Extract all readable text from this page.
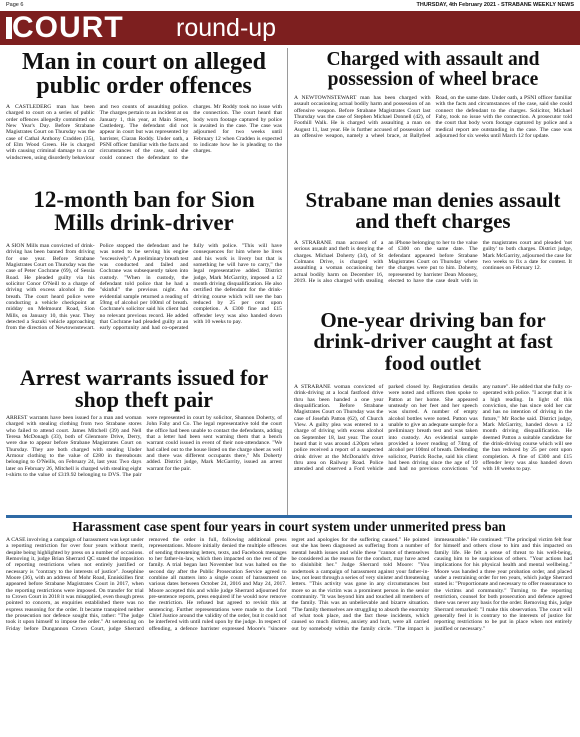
Page 6	THURSDAY, 4th February 2021 - STRABANE WEEKLY NEWS
COURT round-up
Man in court on alleged public order offences

A CASTLEDERG man has been charged to court on a series of public order offences allegedly committed on New Year's Day. Before Strabane Magistrates Court on Thursday was the case of Cathal Anthony Cradden (35), of Elm Wood Green. He is charged with causing criminal damage to a car windscreen, using disorderly behaviour and two counts of assaulting police. The charges pertain to an incident at on January 1, this year, at Main Street, Castlederg. The defendant did not appear in court but was represented by barrister, Ciaran Roddy. Under oath, a PSNI officer familiar with the facts and circumstances of the case, said she could connect the defendant to the charges. Mr Roddy took no issue with the connection. The court heard that body worn footage captured by police is awaited in the case. The case was adjourned for two weeks until February 12 when Cradden is expected to indicate how he is pleading to the charges.

12-month ban for Sion Mills drink-driver

A SION Mills man convicted of drink-driving has been banned from driving for one year. Before Strabane Magistrates Court on Thursday was the case of Peter Cochrane (69), of Sessia Road. He pleaded guilty via his solicitor Conor O'Neill to a charge of driving with excess alcohol in the breath. The court heard police were conducting a vehicle checkpoint at midday on Melmount Road, Sion Mills, on January 10, this year. They detected a Suzuki vehicle approaching from the direction of Newtownstewart. Police stopped the defendant and he was noted to be serving his engine "excessively". A preliminary breath test was conducted and failed and Cochrane was subsequently taken into custody. "When in custody, the defendant told police that he had a "skinful" the previous night. An evidential sample returned a reading of 59mg of alcohol per 100ml of breath. Cochrane's solicitor said his client had no relevant previous record. He added that Cochrane had pleaded guilty at an early opportunity and had co-operated fully with police. "This will have consequences for him where he lives and his work is livery but that is something he will have to carry," the legal representative added. District judge, Mark McGarrity, imposed a 12 month driving disqualification. He also certified the defendant for the drink-driving course which will see the ban reduced by 25 per cent upon completion. A £300 fine and £15 offender levy was also handed down with 10 weeks to pay.

Arrest warrants issued for shop theft pair

ARREST warrants have been issued for a man and woman charged with stealing clothing from two Strabane stores who failed to attend court. James Mitchell (39) and Nell Teresa McDonagh (33), both of Glenmore Drive, Derry, were due to appear before Strabane Magistrates Court on Thursday. They are both charged with stealing Under Armour clothing to the value of £280 in thereabouts belonging to O'Neills, on February 24, last year. Two days later on February 26, Mitchell is charged with stealing eight t-shirts to the value of £319.92 belonging to DVS. The pair were represented in court by solicitor, Shannon Doherty, of John Fahy and Co. The legal representative told the court the office had been unable to contact the defendants, adding that a letter had been sent warning them that a bench warrant could issued in event of their non-attendance. "We had called out to the house listed on the charge sheet as well and there was different occupants there," Ms Doherty added. District judge, Mark McGarrity, issued an arrest warrant for the pair.

Charged with assault and possession of wheel brace

A NEWTOWNSTEWART man has been charged with assault occasioning actual bodily harm and possession of an offensive weapon. Before Strabane Magistrates Court last Thursday was the case of Stephen Michael Donnell (42), of Foothill Walk. He is charged with assaulting a man on August 11, last year. He is further accused of possession of an offensive weapon, namely a wheel brace, at Ballyfeel Road, on the same date. Under oath, a PSNI officer familiar with the facts and circumstances of the case, said she could connect the defendant to the charges. Solicitor, Michael Fahy, took no issue with the connection. A prosecutor told the court that body worn footage captured by police and a medical report are outstanding in the case. The case was adjourned for six weeks until March 12 for update.

Strabane man denies assault and theft charges

A STRABANE man accused of a serious assault and theft is denying the charges. Michael Doherty (34), of St Colmans Drive, is charged with assaulting a woman occasioning her actual bodily harm on December 16, 2019. He is also charged with stealing an iPhone belonging to her to the value of £300 on the same date. The defendant appeared before Strabane Magistrates Court on Thursday where the charges were put to him. Doherty, represented by barrister Dean Mooney, elected to have the case dealt with in the magistrates court and pleaded 'not guilty' to both charges. District judge, Mark McGarrity, adjourned the case for two weeks to fix a date for contest. It continues on February 12.

One-year driving ban for drink-driver caught at fast food outlet

A STRABANE woman convicted of drink-driving at a local fastfood drive thru has been handed a one year disqualification. Before Strabane Magistrates Court on Thursday was the case of Josefah Patton (62), of Church View. A guilty plea was entered to a charge of driving with excess alcohol on September 18, last year. The court heard that it was around 4.20pm when police received a report of a suspected drink driver at the McDonald's drive thru area on Railway Road. Police attended and observed a Ford vehicle parked closed by. Registration details were noted and officers then spoke to Patton at her home. She appeared unsteady on her feet and her speech was slurred. A number of empty alcohol bottles were noted. Patton was unable to give an adequate sample for a preliminary breath test and was taken into custody. An evidential sample provided a lower reading of 74mg of alcohol per 100ml of breath. Defending solicitor, Patrick Roche, said his client had been driving since the age of 19 and had no previous convictions "of any nature". He added that she fully co-operated with police. "I accept that it is a high reading. In light of this conviction, she has since sold her car and has no intention of driving in the future," Mr Roche said. District judge, Mark McGarrity, handed down a 12 month driving disqualification. He deemed Patton a suitable candidate for the drink-driving course which will see the ban reduced by 25 per cent upon completion. A fine of £300 and £15 offender levy was also handed down with 18 weeks to pay.

Harassment case spent four years in court system under unmerited press ban

A CASE involving a campaign of harassment was kept under a reporting restriction for over four years without merit, despite being highlighted by press on a number of occasions. Removing it, judge Brian Sherrard QC stated the imposition of reporting restrictions when not entirely justified or necessary is "contrary to the interests of justice". Josephine Moore (36), with an address of Mohr Road, Enniskillen first appeared before Strabane Magistrates Court in 2017, when the reporting restrictions were imposed. On transfer for trial to Crown Court in 2018 it was misapplied, even though press pointed to concern, as enquiries established there was no express reasoning for the order. It became transpired neither the prosecution nor defence sought this, rather: "The judge took it upon himself to impose the order." At sentencing on Friday before Dungannon Crown Court, judge Sherrard removed the order in full, following additional press representations. Moore initially denied the multiple offences of sending threatening letters, texts, and Facebook messages to her father-in-law, which then impacted on the rest of the family. A trial began last November but was halted on the second day after the Public Prosecution Service agreed to combine all matters into a single count of harassment on various dates between October 24, 2016 and May 24, 2017. Moore accepted this and while judge Sherrard adjourned for pre-sentence reports, press enquired if he would now remove the restriction. He refused but agreed to revisit this at sentencing. Further representations were made to the Lord Chief Justice around the validity of the order, but it could not be interfered with until ruled upon by the judge. In respect of offending, a defence barrister expressed Moore's "sincere regret and apologies for the suffering caused." He pointed out she has been diagnosed as suffering from a number of mental health issues and while these "cannot of themselves be considered as the reason for the conduct, may have acted to disinhibit her." Judge Sherrard told Moore: "You undertook a campaign of harassment against your father-in-law, not least through a series of very sinister and threatening letters. "This activity was gone in any circumstances but more so as the victim was a prominent person in the senior community. "It was beyond him and touched all members of the family. This was an unbelievable and bizarre situation. "The family themselves are struggling to absorb the enormity of what took place, and the fact these incidents, which caused so much distress, anxiety and hurt, were all carried out by somebody within the family circle. "The impact is immeasurable." He continued: "The principal victim felt fear for himself and others close to him and this impacted on family life. He felt a sense of threat to his well-being, causing him to be suspicious of others. "Your actions had implications for his physical health and mental wellbeing." Moore was handed a three year probation order, and placed under a restraining order for ten years, which judge Sherrard stated is: "Proportionate and necessary to offer reassurance to the victims and community." Turning to the reporting restriction, counsel for both prosecution and defence agreed there was never any basis for the order. Removing this, judge Sherrard remarked: "I make this observation. The court will generally feel it is contrary to the interests of justice for reporting restrictions to be put in place when not entirely justified or necessary."
